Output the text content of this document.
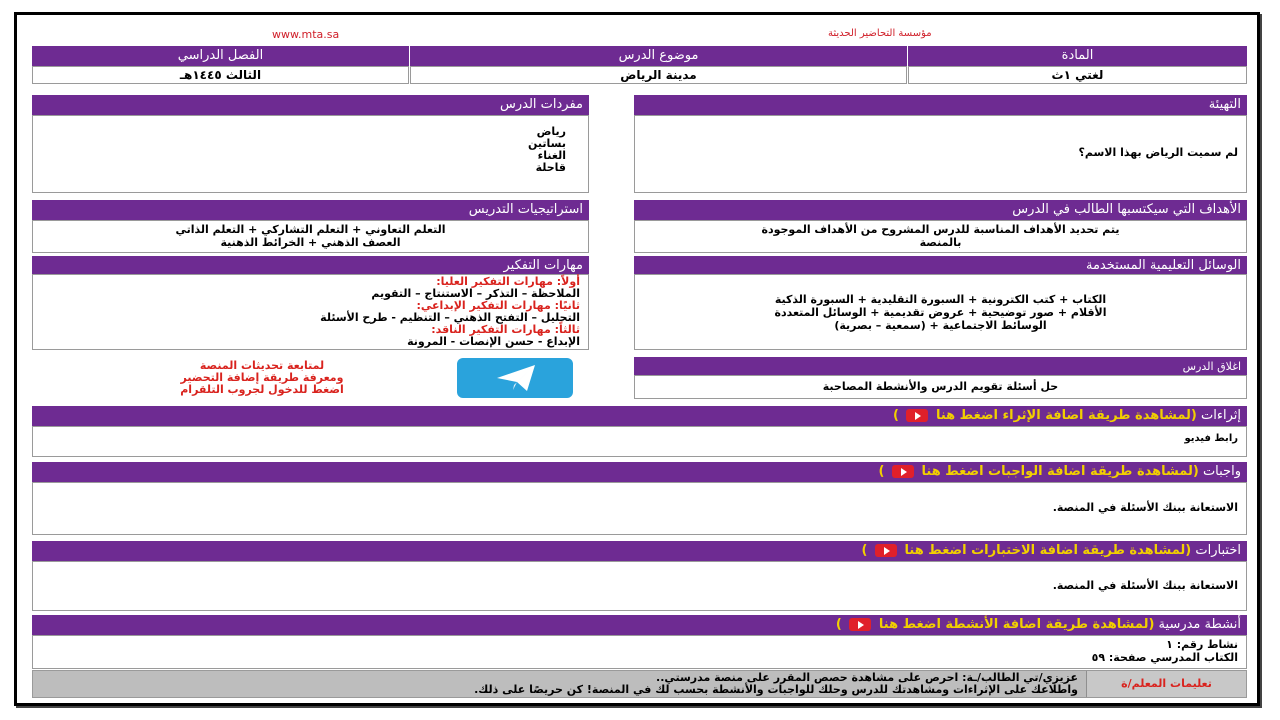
www.mta.sa	مؤسسة التحاضير الحديثة
الفصل الدراسي	موضوع الدرس	المادة
الثالث ١٤٤٥هـ	مدينة الرياض	لغتي ١ث
مفردات الدرس
رياض
بساتين
الغناء
قاحلة
التهيئة
لم سميت الرياض بهذا الاسم؟
استراتيجيات التدريس
التعلم التعاوني + التعلم التشاركي + التعلم الذاتي
العصف الذهني + الخرائط الذهنية
الأهداف التي سيكتسبها الطالب في الدرس
يتم تحديد الأهداف المناسبة للدرس المشروح من الأهداف الموجودة
بالمنصة
مهارات التفكير
أولاً: مهارات التفكير العليا:
الملاحظة – التذكر – الاستنتاج – التقويم
ثانيًا: مهارات التفكير الإبداعي:
التحليل – التفتح الذهني – التنظيم - طرح الأسئلة
ثالثاً: مهارات التفكير الناقد:
الإبداع - حسن الإنصات - المرونة
الوسائل التعليمية المستخدمة
الكتاب + كتب الكترونية + السبورة التقليدية + السبورة الذكية
الأقلام + صور توضيحية + عروض تقديمية + الوسائل المتعددة
(سمعية – بصرية) + الوسائط الاجتماعية
لمتابعة تحديثات المنصة
ومعرفة طريقة إضافة التحضير
اضغط للدخول لجروب التلقرام
اغلاق الدرس
حل أسئلة تقويم الدرس والأنشطة المصاحبة
إثراءات (لمشاهدة طريقة اضافة الإثراء اضغط هنا  )
رابط فيديو
واجبات (لمشاهدة طريقة اضافة الواجبات اضغط هنا  )
الاستعانة ببنك الأسئلة في المنصة.
اختبارات (لمشاهدة طريقة اضافة الاختبارات اضغط هنا  )
الاستعانة ببنك الأسئلة في المنصة.
أنشطة مدرسية (لمشاهدة طريقة اضافة الأنشطة اضغط هنا  )
نشاط رقم: ١
الكتاب المدرسي صفحة: ٥٩
تعليمات المعلم/ة
عزيزي/تي الطالب/ـة: احرص على مشاهدة حصص المقرر على منصة مدرستي..
واطلاعك على الإثراءات ومشاهدتك للدرس وحلك للواجبات والأنشطة بحسب لك في المنصة! كن حريصًا على ذلك.
